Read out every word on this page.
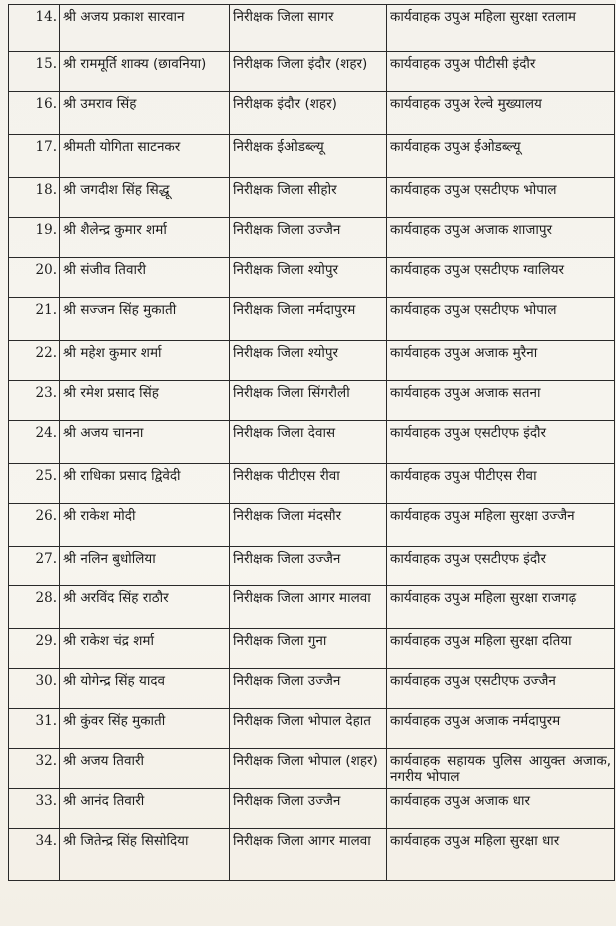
14.	श्री अजय प्रकाश सारवान	निरीक्षक जिला सागर	कार्यवाहक उपुअ महिला सुरक्षा रतलाम
15.	श्री राममूर्ति शाक्य (छावनिया)	निरीक्षक जिला इंदौर (शहर)	कार्यवाहक उपुअ पीटीसी इंदौर
16.	श्री उमराव सिंह	निरीक्षक इंदौर (शहर)	कार्यवाहक उपुअ रेल्वे मुख्यालय
17.	श्रीमती योगिता साटनकर	निरीक्षक ईओडब्ल्यू	कार्यवाहक उपुअ ईओडब्ल्यू
18.	श्री जगदीश सिंह सिद्धू	निरीक्षक जिला सीहोर	कार्यवाहक उपुअ एसटीएफ भोपाल
19.	श्री शैलेन्द्र कुमार शर्मा	निरीक्षक जिला उज्जैन	कार्यवाहक उपुअ अजाक शाजापुर
20.	श्री संजीव तिवारी	निरीक्षक जिला श्योपुर	कार्यवाहक उपुअ एसटीएफ ग्वालियर
21.	श्री सज्जन सिंह मुकाती	निरीक्षक जिला नर्मदापुरम	कार्यवाहक उपुअ एसटीएफ भोपाल
22.	श्री महेश कुमार शर्मा	निरीक्षक जिला श्योपुर	कार्यवाहक उपुअ अजाक मुरैना
23.	श्री रमेश प्रसाद सिंह	निरीक्षक जिला सिंगरौली	कार्यवाहक उपुअ अजाक सतना
24.	श्री अजय चानना	निरीक्षक जिला देवास	कार्यवाहक उपुअ एसटीएफ इंदौर
25.	श्री राधिका प्रसाद द्विवेदी	निरीक्षक पीटीएस रीवा	कार्यवाहक उपुअ पीटीएस रीवा
26.	श्री राकेश मोदी	निरीक्षक जिला मंदसौर	कार्यवाहक उपुअ महिला सुरक्षा उज्जैन
27.	श्री नलिन बुधोलिया	निरीक्षक जिला उज्जैन	कार्यवाहक उपुअ एसटीएफ इंदौर
28.	श्री अरविंद सिंह राठौर	निरीक्षक जिला आगर मालवा	कार्यवाहक उपुअ महिला सुरक्षा राजगढ़
29.	श्री राकेश चंद्र शर्मा	निरीक्षक जिला गुना	कार्यवाहक उपुअ महिला सुरक्षा दतिया
30.	श्री योगेन्द्र सिंह यादव	निरीक्षक जिला उज्जैन	कार्यवाहक उपुअ एसटीएफ उज्जैन
31.	श्री कुंवर सिंह मुकाती	निरीक्षक जिला भोपाल देहात	कार्यवाहक उपुअ अजाक नर्मदापुरम
32.	श्री अजय तिवारी	निरीक्षक जिला भोपाल (शहर)	कार्यवाहक सहायक पुलिस आयुक्त अजाक, नगरीय भोपाल
33.	श्री आनंद तिवारी	निरीक्षक जिला उज्जैन	कार्यवाहक उपुअ अजाक धार
34.	श्री जितेन्द्र सिंह सिसोदिया	निरीक्षक जिला आगर मालवा	कार्यवाहक उपुअ महिला सुरक्षा धार
